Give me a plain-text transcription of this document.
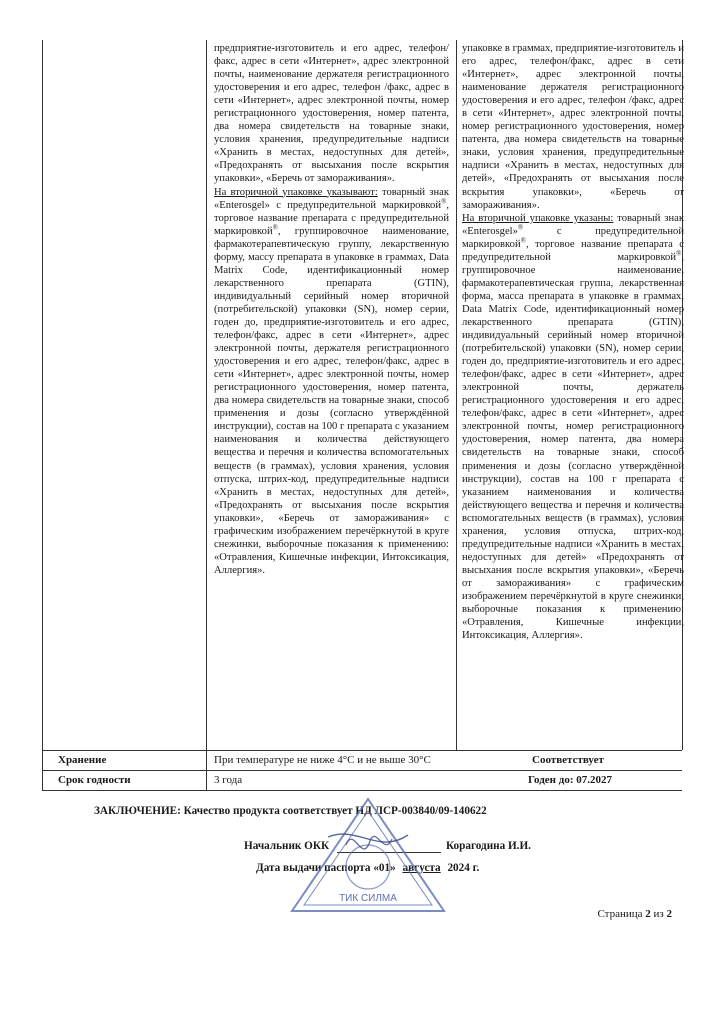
предприятие-изготовитель и его адрес, телефон/факс, адрес в сети «Интернет», адрес электронной почты, наименование держателя регистрационного удостоверения и его адрес, телефон /факс, адрес в сети «Интернет», адрес электронной почты, номер регистрационного удостоверения, номер патента, два номера свидетельств на товарные знаки, условия хранения, предупредительные надписи «Хранить в местах, недоступных для детей», «Предохранять от высыхания после вскрытия упаковки», «Беречь от замораживания».

На вторичной упаковке указывают: товарный знак «Enterosgel» с предупредительной маркировкой®, торговое название препарата с предупредительной маркировкой®, группировочное наименование, фармакотерапевтическую группу, лекарственную форму, массу препарата в упаковке в граммах, Data Matrix Code, идентификационный номер лекарственного препарата (GTIN), индивидуальный серийный номер вторичной (потребительской) упаковки (SN), номер серии, годен до, предприятие-изготовитель и его адрес, телефон/факс, адрес в сети «Интернет», адрес электронной почты, держателя регистрационного удостоверения и его адрес, телефон/факс, адрес в сети «Интернет», адрес электронной почты, номер регистрационного удостоверения, номер патента, два номера свидетельств на товарные знаки, способ применения и дозы (согласно утверждённой инструкции), состав на 100 г препарата с указанием наименования и количества действующего вещества и перечня и количества вспомогательных веществ (в граммах), условия хранения, условия отпуска, штрих-код, предупредительные надписи «Хранить в местах, недоступных для детей», «Предохранять от высыхания после вскрытия упаковки», «Беречь от замораживания» с графическим изображением перечёркнутой в круге снежинки, выборочные показания к применению: «Отравления, Кишечные инфекции, Интоксикация, Аллергия».

упаковке в граммах, предприятие-изготовитель и его адрес, телефон/факс, адрес в сети «Интернет», адрес электронной почты, наименование держателя регистрационного удостоверения и его адрес, телефон /факс, адрес в сети «Интернет», адрес электронной почты, номер регистрационного удостоверения, номер патента, два номера свидетельств на товарные знаки, условия хранения, предупредительные надписи «Хранить в местах, недоступных для детей», «Предохранять от высыхания после вскрытия упаковки», «Беречь от замораживания».

На вторичной упаковке указаны: товарный знак «Enterosgel»® с предупредительной маркировкой®, торговое название препарата с предупредительной маркировкой®, группировочное наименование, фармакотерапевтическая группа, лекарственная форма, масса препарата в упаковке в граммах, Data Matrix Code, идентификационный номер лекарственного препарата (GTIN), индивидуальный серийный номер вторичной (потребительской) упаковки (SN), номер серии, годен до, предприятие-изготовитель и его адрес, телефон/факс, адрес в сети «Интернет», адрес электронной почты, держатель регистрационного удостоверения и его адрес, телефон/факс, адрес в сети «Интернет», адрес электронной почты, номер регистрационного удостоверения, номер патента, два номера свидетельств на товарные знаки, способ применения и дозы (согласно утверждённой инструкции), состав на 100 г препарата с указанием наименования и количества действующего вещества и перечня и количества вспомогательных веществ (в граммах), условия хранения, условия отпуска, штрих-код, предупредительные надписи «Хранить в местах, недоступных для детей» «Предохранять от высыхания после вскрытия упаковки», «Беречь от замораживания» с графическим изображением перечёркнутой в круге снежинки, выборочные показания к применению: «Отравления, Кишечные инфекции, Интоксикация, Аллергия».

Хранение	При температуре не ниже 4°С и не выше 30°С	Соответствует
Срок годности	3 года	Годен до: 07.2027
ЗАКЛЮЧЕНИЕ: Качество продукта соответствует НД ЛСР-003840/09-140622
Начальник ОКК	Корагодина И.И.
Дата выдачи паспорта «01» августа 2024 г.
ТИК СИЛМА
Страница 2 из 2
